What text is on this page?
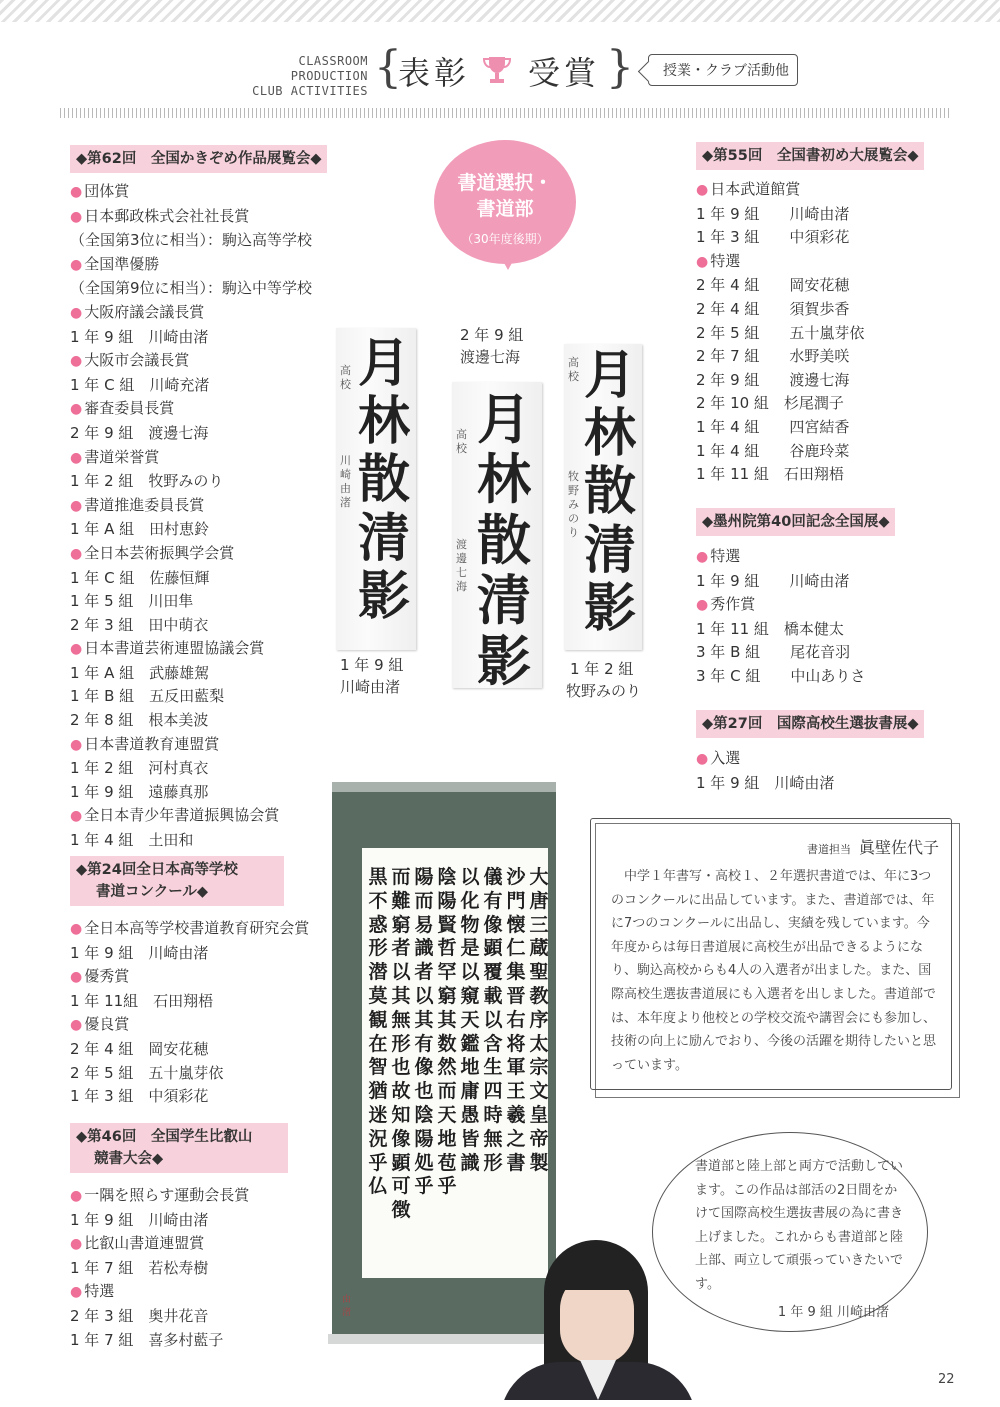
CLASSROOM PRODUCTION
CLUB ACTIVITIES {
表彰 受賞 }	授業・クラブ活動他
◆第62回　全国かきぞめ作品展覧会◆
● 団体賞
● 日本郵政株式会社社長賞
（全国第3位に相当）：駒込高等学校
● 全国準優勝
（全国第9位に相当）：駒込中等学校
● 大阪府議会議長賞
1 年 9 組　川崎由渚
● 大阪市会議長賞
1 年 C 組　川崎充渚
● 審査委員長賞
2 年 9 組　渡邊七海
● 書道栄誉賞
1 年 2 組　牧野みのり
● 書道推進委員長賞
1 年 A 組　田村恵鈴
● 全日本芸術振興学会賞
1 年 C 組　佐藤恒輝
1 年 5 組　川田隼
2 年 3 組　田中萌衣
● 日本書道芸術連盟協議会賞
1 年 A 組　武藤雄駕
1 年 B 組　五反田藍梨
2 年 8 組　根本美波
● 日本書道教育連盟賞
1 年 2 組　河村真衣
1 年 9 組　遠藤真那
● 全日本青少年書道振興協会賞
1 年 4 組　土田和
◆第24回全日本高等学校
書道コンクール◆
● 全日本高等学校書道教育研究会賞
1 年 9 組　川崎由渚
● 優秀賞
1 年 11組　石田翔梧
● 優良賞
2 年 4 組　岡安花穂
2 年 5 組　五十嵐芽依
1 年 3 組　中須彩花
◆第46回　全国学生比叡山
競書大会◆
● 一隅を照らす運動会長賞
1 年 9 組　川崎由渚
● 比叡山書道連盟賞
1 年 7 組　若松寿樹
● 特選
2 年 3 組　奥井花音
1 年 7 組　喜多村藍子
◆第55回　全国書初め大展覧会◆
● 日本武道館賞
1 年 9 組　　川崎由渚
1 年 3 組　　中須彩花
● 特選
2 年 4 組　　岡安花穂
2 年 4 組　　須賀歩香
2 年 5 組　　五十嵐芽依
2 年 7 組　　水野美咲
2 年 9 組　　渡邊七海
2 年 10 組　杉尾潤子
1 年 4 組　　四宮結香
1 年 4 組　　谷鹿玲菜
1 年 11 組　石田翔梧
◆墨州院第40回記念全国展◆
● 特選
1 年 9 組　　川崎由渚
● 秀作賞
1 年 11 組　橋本健太
3 年 B 組　　尾花音羽
3 年 C 組　　中山ありさ
◆第27回　国際高校生選抜書展◆
● 入選
1 年 9 組　川崎由渚
書道選択・
書道部
（30年度後期）
高校
川崎由渚
月
林
散
清
影
1 年 9 組
川崎由渚
2 年 9 組
渡邊七海
高校
渡邊七海
月
林
散
清
影
高校
牧野みのり
月
林
散
清
影
1 年 2 組
牧野みのり
大
唐
三
蔵
聖
教
序
太
宗
文
皇
帝
製
沙
門
懐
仁
集
晋
右
将
軍
王
羲
之
書
儀
有
像
顕
覆
載
以
含
生
四
時
無
形
以
化
物
是
以
窺
天
鑑
地
庸
愚
皆
識
陰
陽
賢
哲
罕
窮
其
数
然
而
天
地
苞
乎
陽
而
易
識
者
以
其
有
像
也
陰
陽
処
乎
而
難
窮
者
以
其
無
形
也
故
知
像
顕
可
徴
黒
不
惑
形
潜
莫
観
在
智
猶
迷
況
乎
仏
由渚
書道担当 眞壁佐代子
中学１年書写・高校１、２年選択書道では、年に3つのコンクールに出品しています。また、書道部では、年に7つのコンクールに出品し、実績を残しています。今年度からは毎日書道展に高校生が出品できるようになり、駒込高校からも4人の入選者が出ました。また、国際高校生選抜書道展にも入選者を出しました。書道部では、本年度より他校との学校交流や講習会にも参加し、技術の向上に励んでおり、今後の活躍を期待したいと思っています。
書道部と陸上部と両方で活動しています。この作品は部活の2日間をかけて国際高校生選抜書展の為に書き上げました。これからも書道部と陸上部、両立して頑張っていきたいです。
1 年 9 組 川崎由渚
22
